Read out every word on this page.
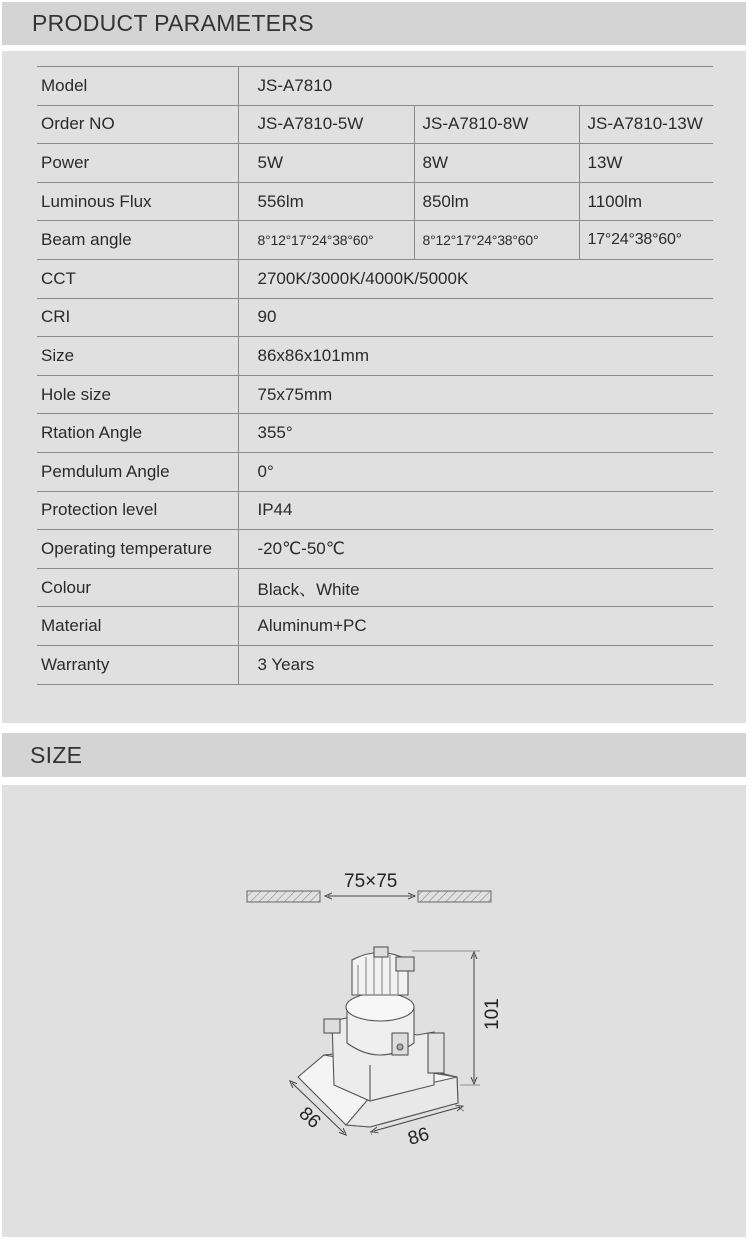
PRODUCT PARAMETERS
Model	JS-A7810		
Order NO	JS-A7810-5W	JS-A7810-8W	JS-A7810-13W
Power	5W	8W	13W
Luminous Flux	556lm	850lm	1100lm
Beam angle	8°12°17°24°38°60°	8°12°17°24°38°60°	17°24°38°60°
CCT	2700K/3000K/4000K/5000K		
CRI	90		
Size	86x86x101mm		
Hole size	75x75mm		
Rtation Angle	355°		
Pemdulum Angle	0°		
Protection level	IP44		
Operating temperature	-20℃-50℃		
Colour	Black、White		
Material	Aluminum+PC		
Warranty	3 Years		
SIZE
75×75
101
86
86
